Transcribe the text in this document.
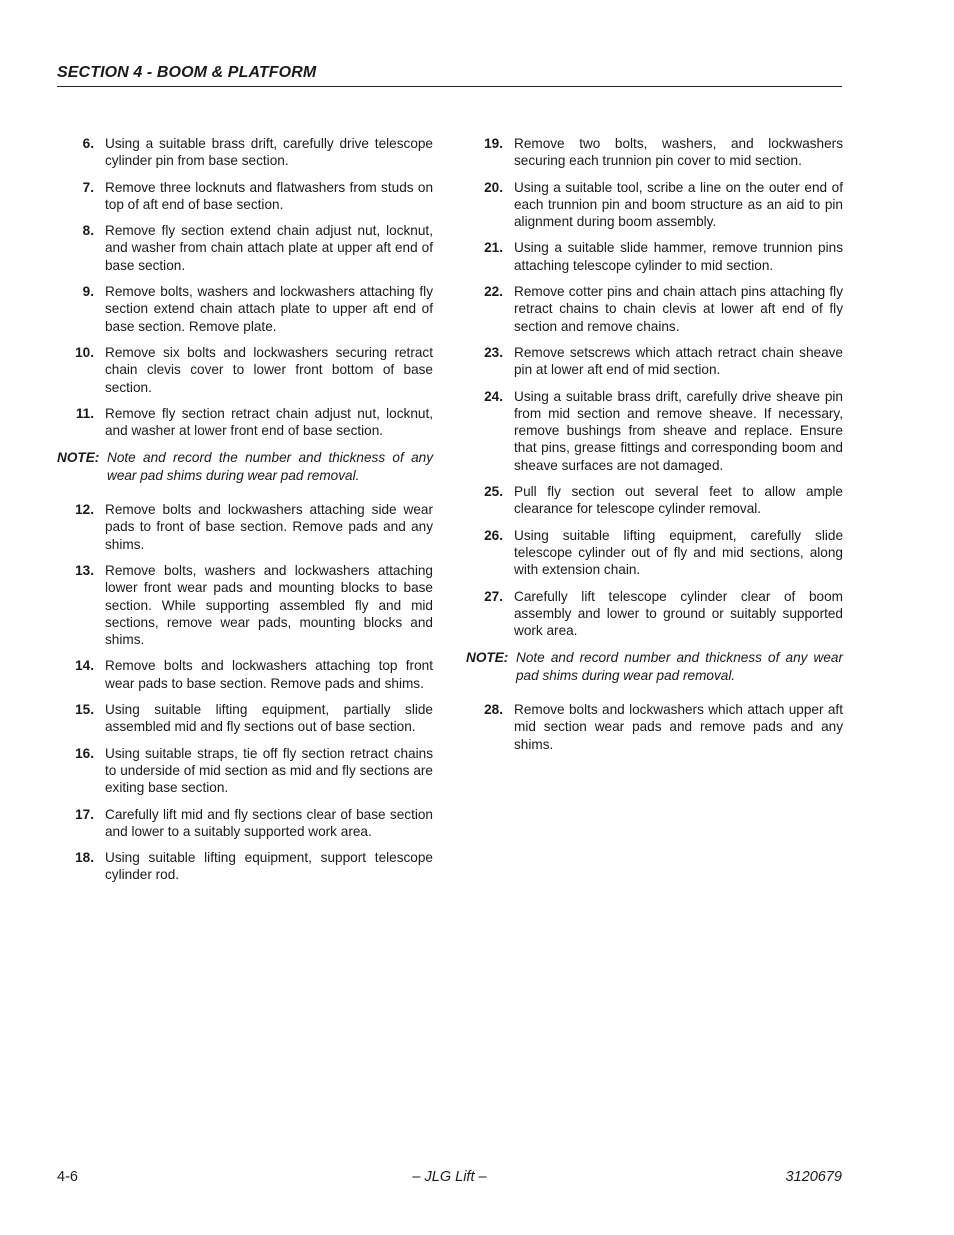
SECTION 4 - BOOM & PLATFORM
6. Using a suitable brass drift, carefully drive telescope cylinder pin from base section.
7. Remove three locknuts and flatwashers from studs on top of aft end of base section.
8. Remove fly section extend chain adjust nut, locknut, and washer from chain attach plate at upper aft end of base section.
9. Remove bolts, washers and lockwashers attaching fly section extend chain attach plate to upper aft end of base section. Remove plate.
10. Remove six bolts and lockwashers securing retract chain clevis cover to lower front bottom of base section.
11. Remove fly section retract chain adjust nut, locknut, and washer at lower front end of base section.
NOTE: Note and record the number and thickness of any wear pad shims during wear pad removal.
12. Remove bolts and lockwashers attaching side wear pads to front of base section. Remove pads and any shims.
13. Remove bolts, washers and lockwashers attaching lower front wear pads and mounting blocks to base section. While supporting assembled fly and mid sections, remove wear pads, mounting blocks and shims.
14. Remove bolts and lockwashers attaching top front wear pads to base section. Remove pads and shims.
15. Using suitable lifting equipment, partially slide assembled mid and fly sections out of base section.
16. Using suitable straps, tie off fly section retract chains to underside of mid section as mid and fly sections are exiting base section.
17. Carefully lift mid and fly sections clear of base section and lower to a suitably supported work area.
18. Using suitable lifting equipment, support telescope cylinder rod.
19. Remove two bolts, washers, and lockwashers securing each trunnion pin cover to mid section.
20. Using a suitable tool, scribe a line on the outer end of each trunnion pin and boom structure as an aid to pin alignment during boom assembly.
21. Using a suitable slide hammer, remove trunnion pins attaching telescope cylinder to mid section.
22. Remove cotter pins and chain attach pins attaching fly retract chains to chain clevis at lower aft end of fly section and remove chains.
23. Remove setscrews which attach retract chain sheave pin at lower aft end of mid section.
24. Using a suitable brass drift, carefully drive sheave pin from mid section and remove sheave. If necessary, remove bushings from sheave and replace. Ensure that pins, grease fittings and corresponding boom and sheave surfaces are not damaged.
25. Pull fly section out several feet to allow ample clearance for telescope cylinder removal.
26. Using suitable lifting equipment, carefully slide telescope cylinder out of fly and mid sections, along with extension chain.
27. Carefully lift telescope cylinder clear of boom assembly and lower to ground or suitably supported work area.
NOTE: Note and record number and thickness of any wear pad shims during wear pad removal.
28. Remove bolts and lockwashers which attach upper aft mid section wear pads and remove pads and any shims.
4-6	– JLG Lift –	3120679
